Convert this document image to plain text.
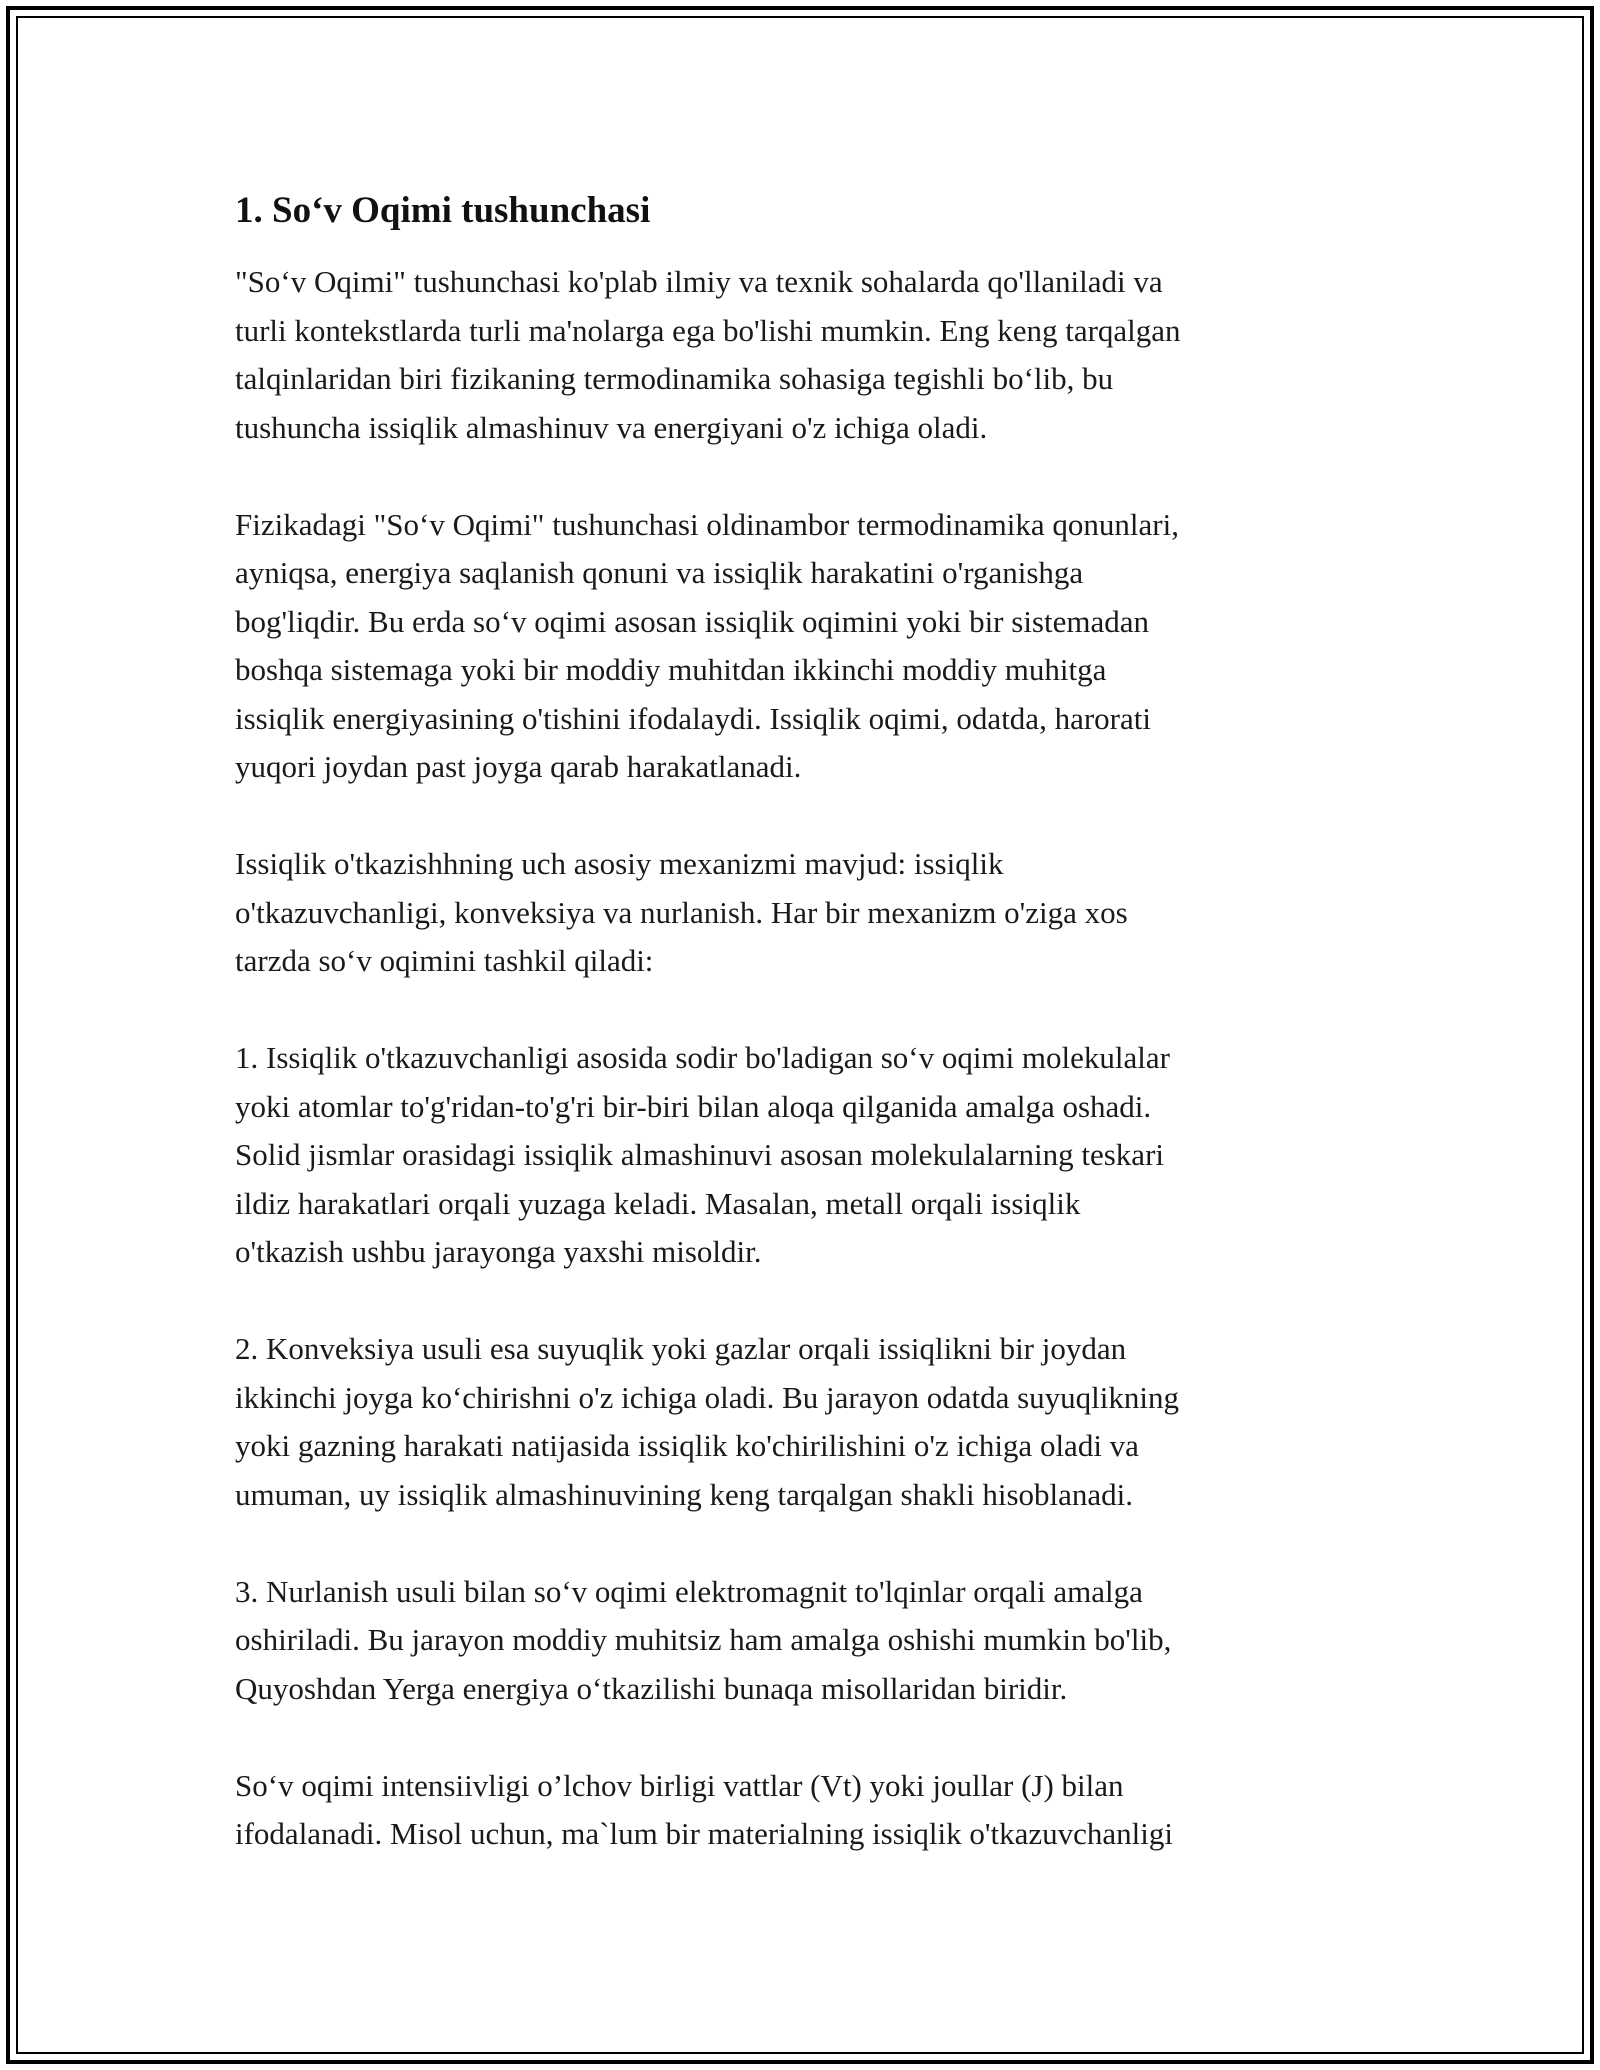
1. So‘v Oqimi tushunchasi

"So‘v Oqimi" tushunchasi ko'plab ilmiy va texnik sohalarda qo'llaniladi va
turli kontekstlarda turli ma'nolarga ega bo'lishi mumkin. Eng keng tarqalgan
talqinlaridan biri fizikaning termodinamika sohasiga tegishli bo‘lib, bu
tushuncha issiqlik almashinuv va energiyani o'z ichiga oladi.

Fizikadagi "So‘v Oqimi" tushunchasi oldinambor termodinamika qonunlari,
ayniqsa, energiya saqlanish qonuni va issiqlik harakatini o'rganishga
bog'liqdir. Bu erda so‘v oqimi asosan issiqlik oqimini yoki bir sistemadan
boshqa sistemaga yoki bir moddiy muhitdan ikkinchi moddiy muhitga
issiqlik energiyasining o'tishini ifodalaydi. Issiqlik oqimi, odatda, harorati
yuqori joydan past joyga qarab harakatlanadi.

Issiqlik o'tkazishhning uch asosiy mexanizmi mavjud: issiqlik
o'tkazuvchanligi, konveksiya va nurlanish. Har bir mexanizm o'ziga xos
tarzda so‘v oqimini tashkil qiladi:

1. Issiqlik o'tkazuvchanligi asosida sodir bo'ladigan so‘v oqimi molekulalar
yoki atomlar to'g'ridan-to'g'ri bir-biri bilan aloqa qilganida amalga oshadi.
Solid jismlar orasidagi issiqlik almashinuvi asosan molekulalarning teskari
ildiz harakatlari orqali yuzaga keladi. Masalan, metall orqali issiqlik
o'tkazish ushbu jarayonga yaxshi misoldir.

2. Konveksiya usuli esa suyuqlik yoki gazlar orqali issiqlikni bir joydan
ikkinchi joyga ko‘chirishni o'z ichiga oladi. Bu jarayon odatda suyuqlikning
yoki gazning harakati natijasida issiqlik ko'chirilishini o'z ichiga oladi va
umuman, uy issiqlik almashinuvining keng tarqalgan shakli hisoblanadi.

3. Nurlanish usuli bilan so‘v oqimi elektromagnit to'lqinlar orqali amalga
oshiriladi. Bu jarayon moddiy muhitsiz ham amalga oshishi mumkin bo'lib,
Quyoshdan Yerga energiya o‘tkazilishi bunaqa misollaridan biridir.

So‘v oqimi intensiivligi o’lchov birligi vattlar (Vt) yoki joullar (J) bilan
ifodalanadi. Misol uchun, ma`lum bir materialning issiqlik o'tkazuvchanligi
